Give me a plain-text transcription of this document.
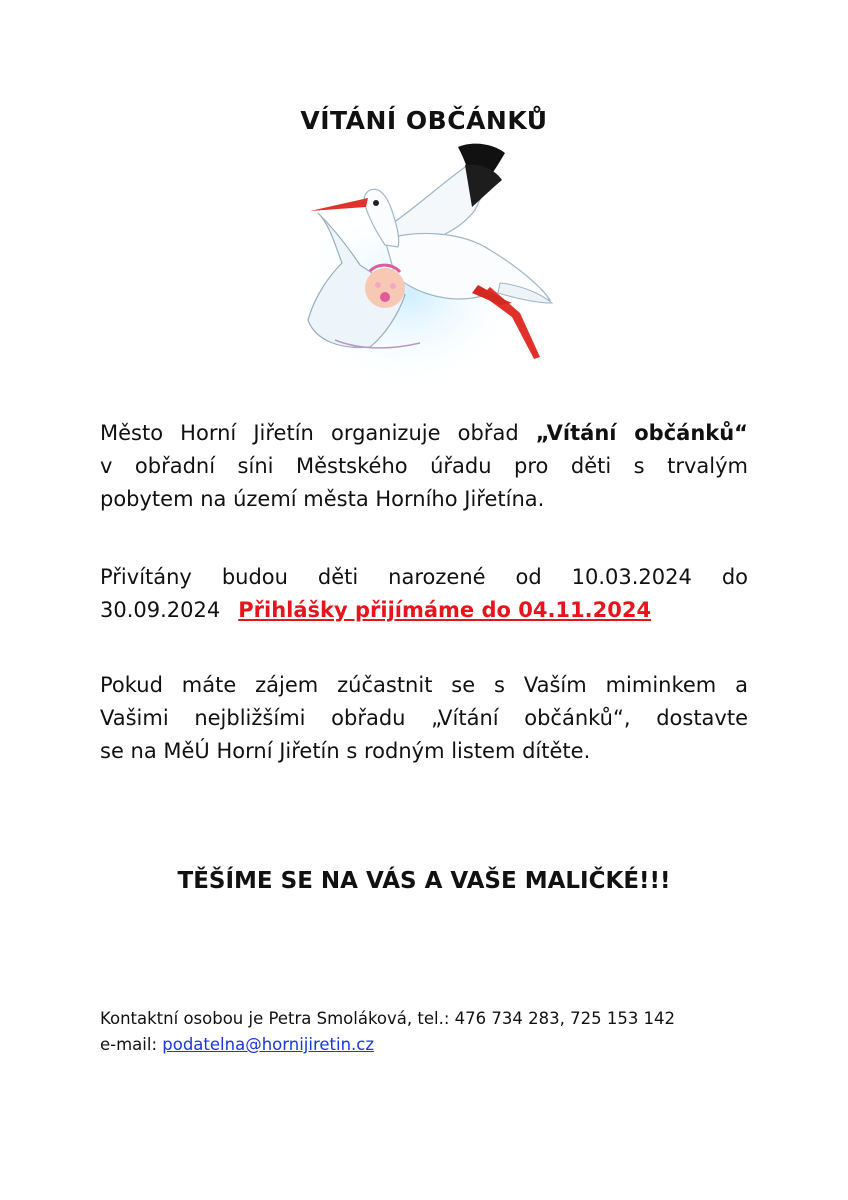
VÍTÁNÍ OBČÁNKŮ
Město Horní Jiřetín organizuje obřad „Vítání občánků“
v obřadní síni Městského úřadu pro děti s trvalým
pobytem na území města Horního Jiřetína.
Přivítány budou děti narozené od 10.03.2024 do
30.09.2024 Přihlášky přijímáme do 04.11.2024
Pokud máte zájem zúčastnit se s Vaším miminkem a
Vašimi nejbližšími obřadu „Vítání občánků“, dostavte
se na MěÚ Horní Jiřetín s rodným listem dítěte.
TĚŠÍME SE NA VÁS A VAŠE MALIČKÉ!!!
Kontaktní osobou je Petra Smoláková, tel.: 476 734 283, 725 153 142
e-mail: podatelna@hornijiretin.cz
